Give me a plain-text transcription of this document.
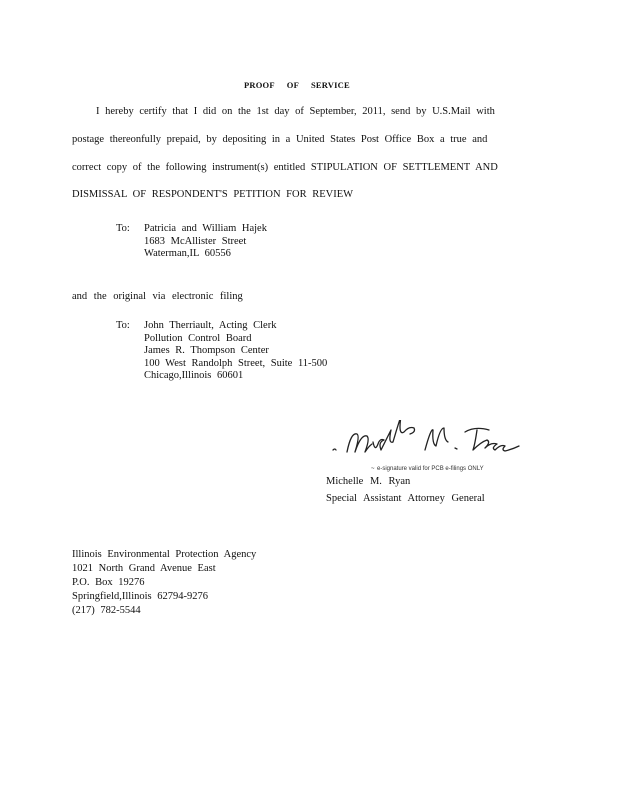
PROOF OF SERVICE
I hereby certify that I did on the 1st day of September, 2011, send by U.S.Mail with
postage thereonfully prepaid, by depositing in a United States Post Office Box a true and
correct copy of the following instrument(s) entitled STIPULATION OF SETTLEMENT AND
DISMISSAL OF RESPONDENT'S PETITION FOR REVIEW
To: Patricia and William Hajek
1683 McAllister Street
Waterman,IL 60556
and the original via electronic filing
To: John Therriault, Acting Clerk
Pollution Control Board
James R. Thompson Center
100 West Randolph Street, Suite 11-500
Chicago,Illinois 60601
e-signature valid for PCB e-filings ONLY
~
Michelle M. Ryan
Special Assistant Attorney General
Illinois Environmental Protection Agency
1021 North Grand Avenue East
P.O. Box 19276
Springfield,Illinois 62794-9276
(217) 782-5544
